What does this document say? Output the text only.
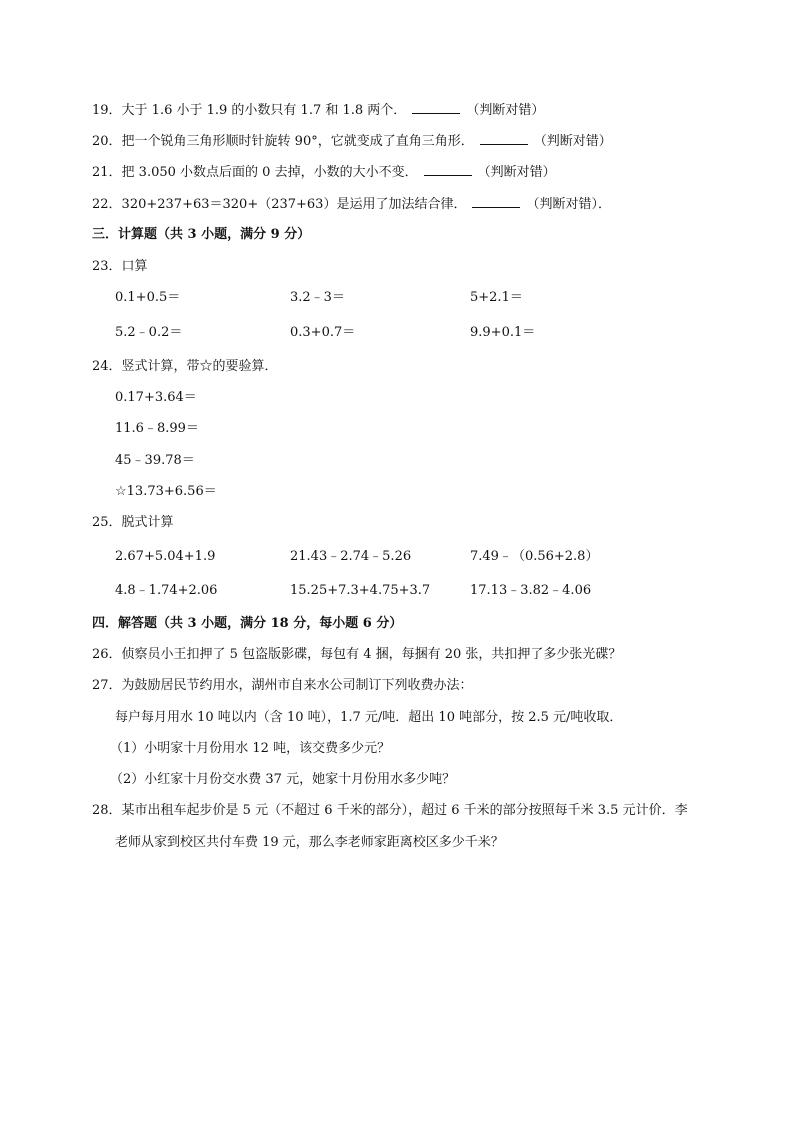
19．大于 1.6 小于 1.9 的小数只有 1.7 和 1.8 两个．	（判断对错）
20．把一个锐角三角形顺时针旋转 90°，它就变成了直角三角形．	（判断对错）
21．把 3.050 小数点后面的 0 去掉，小数的大小不变．	（判断对错）
22．320+237+63＝320+（237+63）是运用了加法结合律．	（判断对错）．
三．计算题（共 3 小题，满分 9 分）
23．口算
0.1+0.5＝	3.2﹣3＝	5+2.1＝
5.2﹣0.2＝	0.3+0.7＝	9.9+0.1＝
24．竖式计算，带☆的要验算．
0.17+3.64＝
11.6﹣8.99＝
45﹣39.78＝
☆13.73+6.56＝
25．脱式计算
2.67+5.04+1.9	21.43﹣2.74﹣5.26	7.49﹣（0.56+2.8）
4.8﹣1.74+2.06	15.25+7.3+4.75+3.7	17.13﹣3.82﹣4.06
四．解答题（共 3 小题，满分 18 分，每小题 6 分）
26．侦察员小王扣押了 5 包盗版影碟，每包有 4 捆，每捆有 20 张，共扣押了多少张光碟？
27．为鼓励居民节约用水，湖州市自来水公司制订下列收费办法：
每户每月用水 10 吨以内（含 10 吨），1.7 元/吨．超出 10 吨部分，按 2.5 元/吨收取．
（1）小明家十月份用水 12 吨，该交费多少元？
（2）小红家十月份交水费 37 元，她家十月份用水多少吨？
28．某市出租车起步价是 5 元（不超过 6 千米的部分），超过 6 千米的部分按照每千米 3.5 元计价．李
老师从家到校区共付车费 19 元，那么李老师家距离校区多少千米？
